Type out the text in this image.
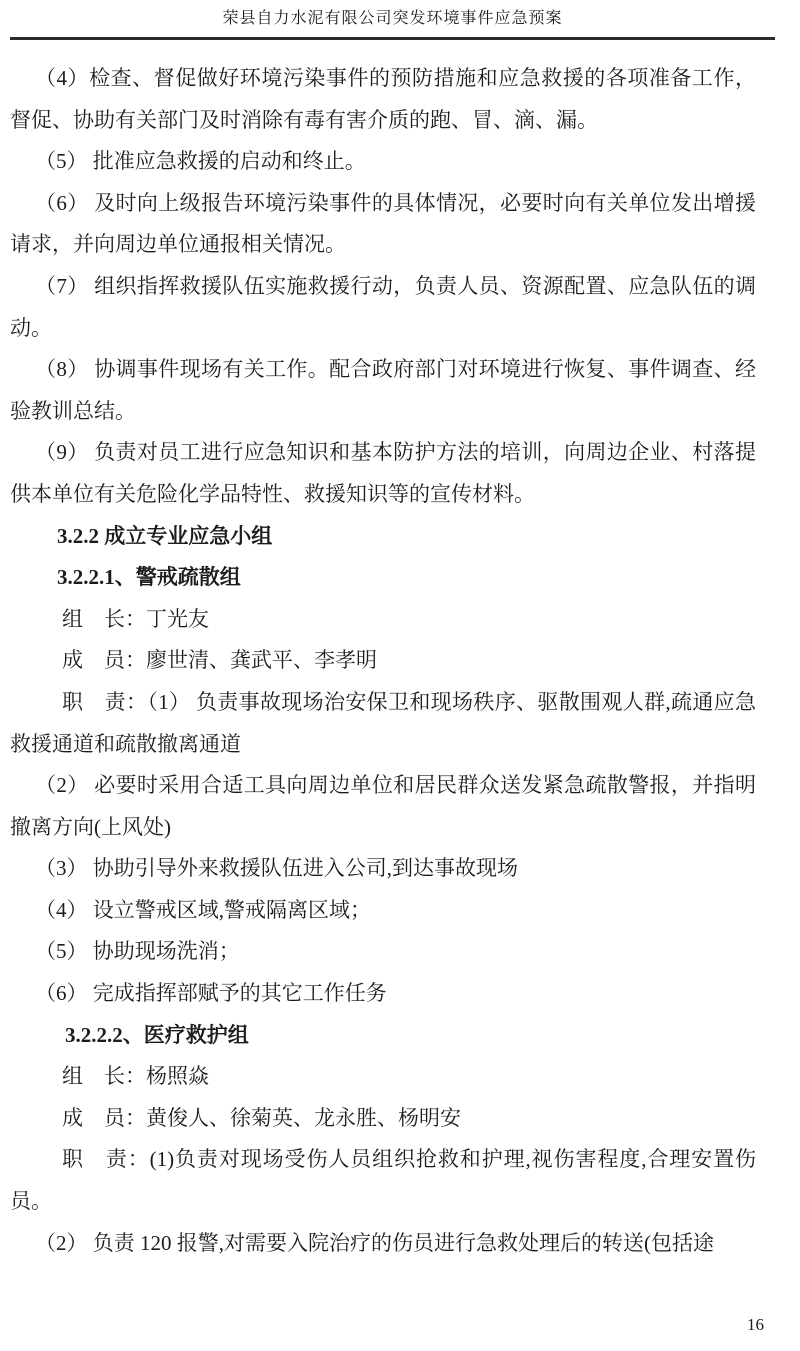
荣县自力水泥有限公司突发环境事件应急预案

（4）检查、督促做好环境污染事件的预防措施和应急救援的各项准备工作，督促、协助有关部门及时消除有毒有害介质的跑、冒、滴、漏。

（5） 批准应急救援的启动和终止。

（6） 及时向上级报告环境污染事件的具体情况，必要时向有关单位发出增援请求，并向周边单位通报相关情况。

（7） 组织指挥救援队伍实施救援行动，负责人员、资源配置、应急队伍的调动。

（8） 协调事件现场有关工作。配合政府部门对环境进行恢复、事件调查、经验教训总结。

（9） 负责对员工进行应急知识和基本防护方法的培训，向周边企业、村落提供本单位有关危险化学品特性、救援知识等的宣传材料。

3.2.2 成立专业应急小组

3.2.2.1、警戒疏散组

组　长：丁光友

成　员：廖世清、龚武平、李孝明

职　责：（1） 负责事故现场治安保卫和现场秩序、驱散围观人群,疏通应急救援通道和疏散撤离通道

（2） 必要时采用合适工具向周边单位和居民群众送发紧急疏散警报，并指明撤离方向(上风处)

（3） 协助引导外来救援队伍进入公司,到达事故现场

（4） 设立警戒区域,警戒隔离区域；

（5） 协助现场洗消；

（6） 完成指挥部赋予的其它工作任务

3.2.2.2、医疗救护组

组　长：杨照焱

成　员：黄俊人、徐菊英、龙永胜、杨明安

职　责：(1)负责对现场受伤人员组织抢救和护理,视伤害程度,合理安置伤员。

（2） 负责 120 报警,对需要入院治疗的伤员进行急救处理后的转送(包括途

16
